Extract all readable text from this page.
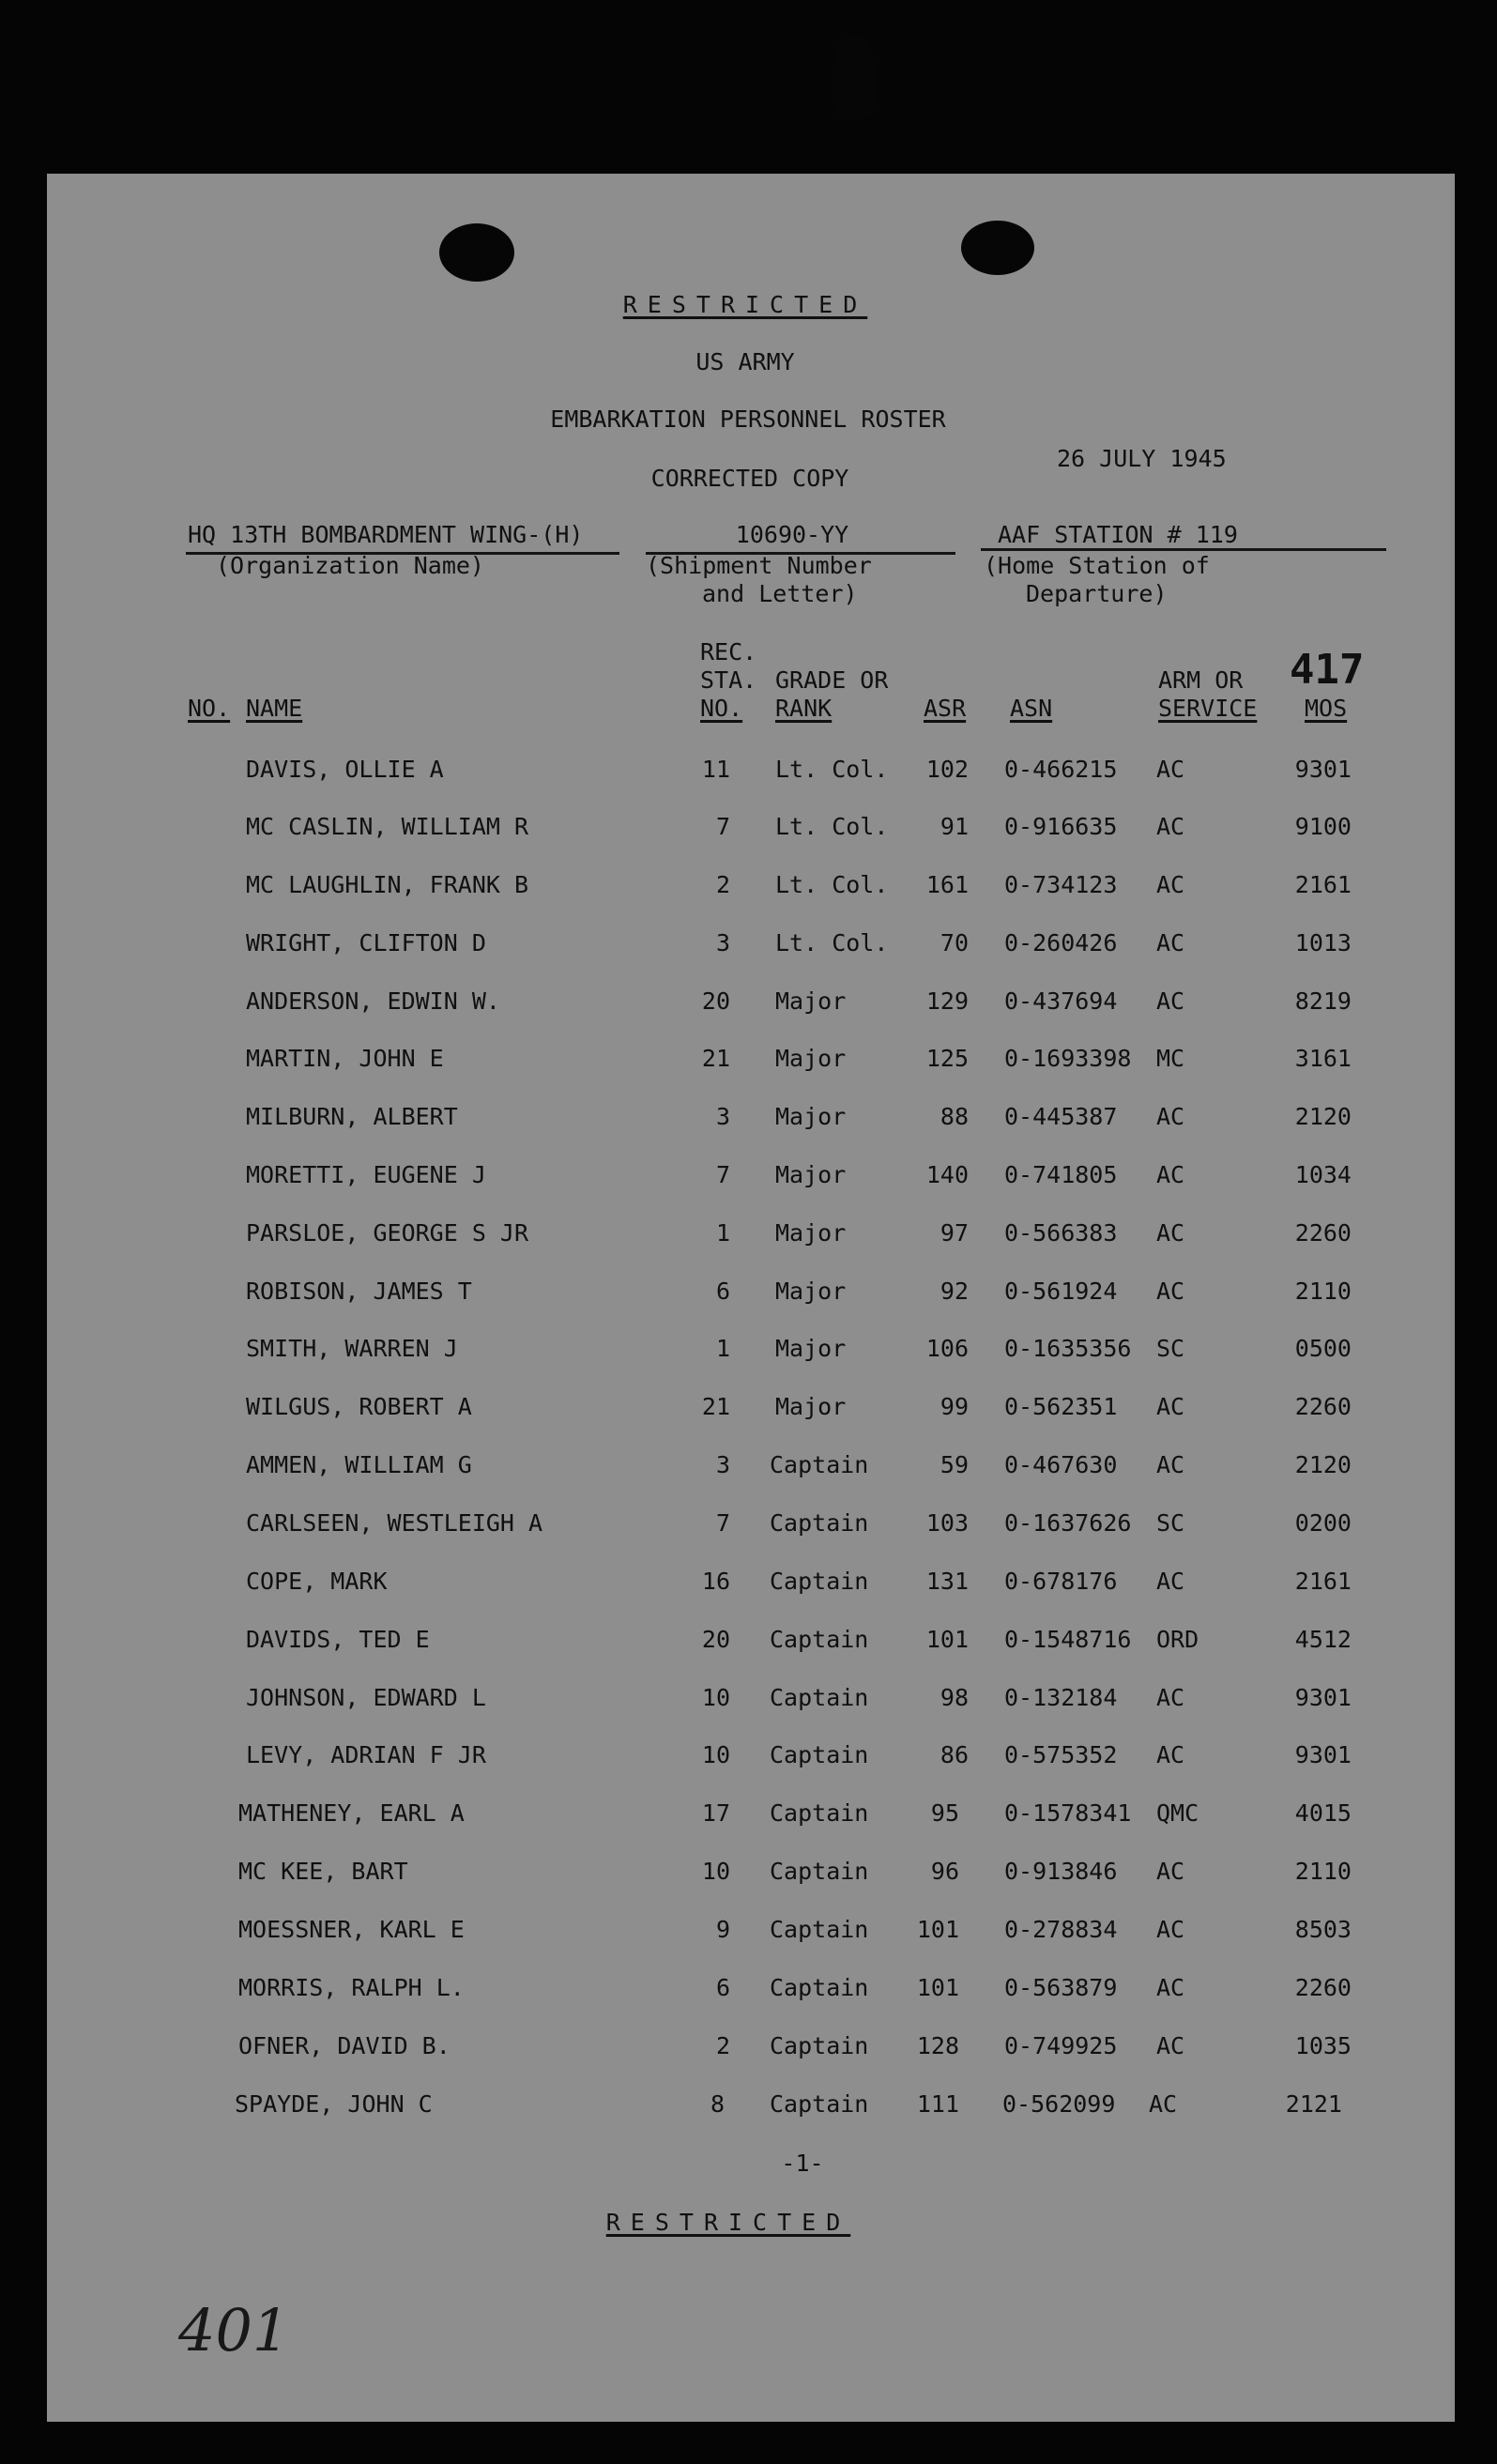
RESTRICTED
US ARMY
EMBARKATION PERSONNEL ROSTER
CORRECTED COPY
26 JULY 1945
HQ 13TH BOMBARDMENT WING-(H)
(Organization Name)
10690-YY
(Shipment Number
and Letter)
AAF STATION # 119
(Home Station of
Departure)
417
NO. NAME
REC.
STA.
NO.
GRADE OR
RANK	ASR ASN
ARM OR
SERVICE MOS
DAVIS, OLLIE A	11 Lt. Col. 102 0-466215 AC	9301
MC CASLIN, WILLIAM R	7 Lt. Col. 91 0-916635 AC	9100
MC LAUGHLIN, FRANK B	2 Lt. Col. 161 0-734123 AC	2161
WRIGHT, CLIFTON D	3 Lt. Col. 70 0-260426 AC	1013
ANDERSON, EDWIN W.	20 Major	129 0-437694 AC	8219
MARTIN, JOHN E	21 Major	125 0-1693398 MC	3161
MILBURN, ALBERT	3 Major	88 0-445387 AC	2120
MORETTI, EUGENE J	7 Major	140 0-741805 AC	1034
PARSLOE, GEORGE S JR	1 Major	97 0-566383 AC	2260
ROBISON, JAMES T	6 Major	92 0-561924 AC	2110
SMITH, WARREN J	1 Major	106 0-1635356 SC	0500
WILGUS, ROBERT A	21 Major	99 0-562351 AC	2260
AMMEN, WILLIAM G	3 Captain	59 0-467630 AC	2120
CARLSEEN, WESTLEIGH A	7 Captain 103 0-1637626 SC	0200
COPE, MARK	16 Captain 131 0-678176 AC	2161
DAVIDS, TED E	20 Captain 101 0-1548716 ORD	4512
JOHNSON, EDWARD L	10 Captain	98 0-132184 AC	9301
LEVY, ADRIAN F JR	10 Captain	86 0-575352 AC	9301
MATHENEY, EARL A	17 Captain	95 0-1578341 QMC	4015
MC KEE, BART	10 Captain	96 0-913846 AC	2110
MOESSNER, KARL E	9 Captain 101 0-278834 AC	8503
MORRIS, RALPH L.	6 Captain 101 0-563879 AC	2260
OFNER, DAVID B.	2 Captain 128 0-749925 AC	1035
SPAYDE, JOHN C	8 Captain 111 0-562099 AC	2121
-1-
RESTRICTED
401
